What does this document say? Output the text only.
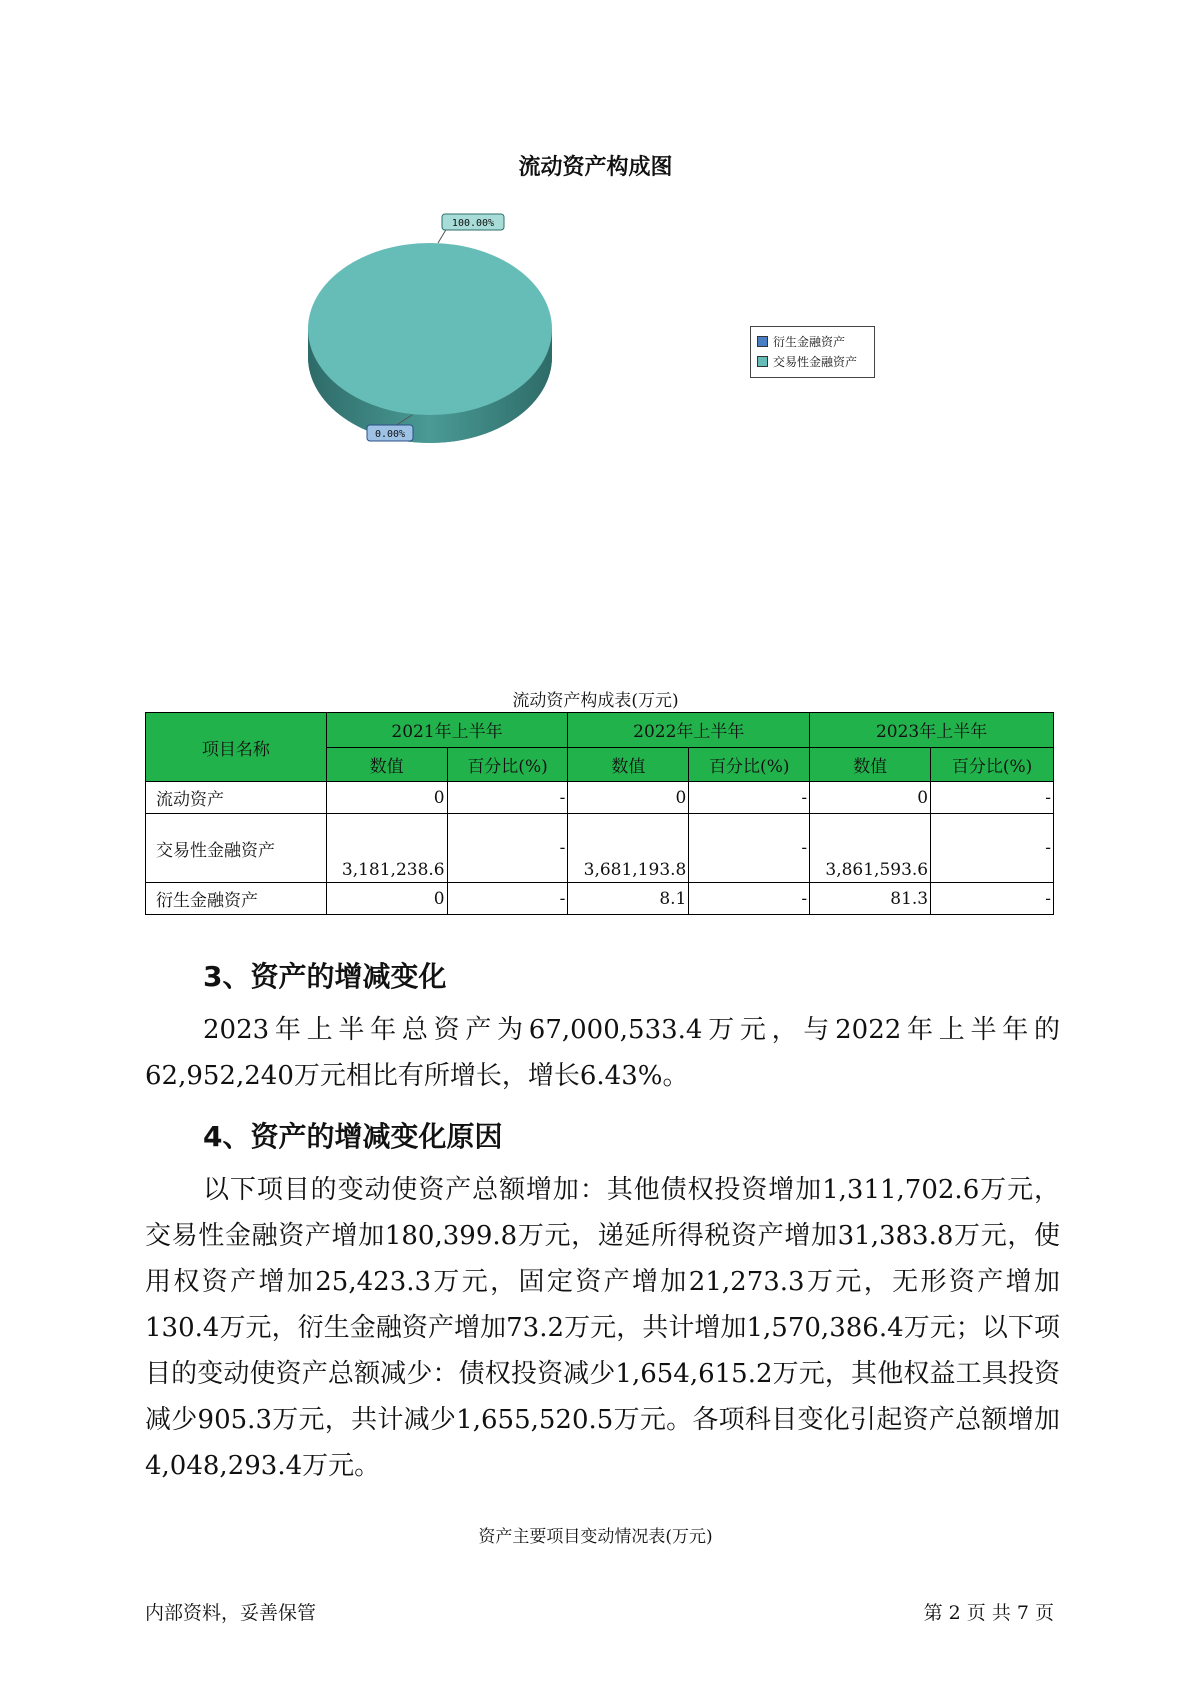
流动资产构成图
100.00%
0.00%
衍生金融资产
交易性金融资产
流动资产构成表(万元)
项目名称	2021年上半年		2022年上半年		2023年上半年	
	数值	百分比(%)	数值	百分比(%)	数值	百分比(%)
流动资产	0	-	0	-	0	-
交易性金融资产	3,181,238.6	-	3,681,193.8	-	3,861,593.6	-
衍生金融资产	0	-	8.1	-	81.3	-
3、资产的增减变化

2023年上半年总资产为67,000,533.4万元，与2022年上半年的62,952,240万元相比有所增长，增长6.43%。

4、资产的增减变化原因

以下项目的变动使资产总额增加：其他债权投资增加1,311,702.6万元，交易性金融资产增加180,399.8万元，递延所得税资产增加31,383.8万元，使用权资产增加25,423.3万元，固定资产增加21,273.3万元，无形资产增加130.4万元，衍生金融资产增加73.2万元，共计增加1,570,386.4万元；以下项目的变动使资产总额减少：债权投资减少1,654,615.2万元，其他权益工具投资减少905.3万元，共计减少1,655,520.5万元。各项科目变化引起资产总额增加4,048,293.4万元。

资产主要项目变动情况表(万元)
内部资料，妥善保管	第 2 页 共 7 页
